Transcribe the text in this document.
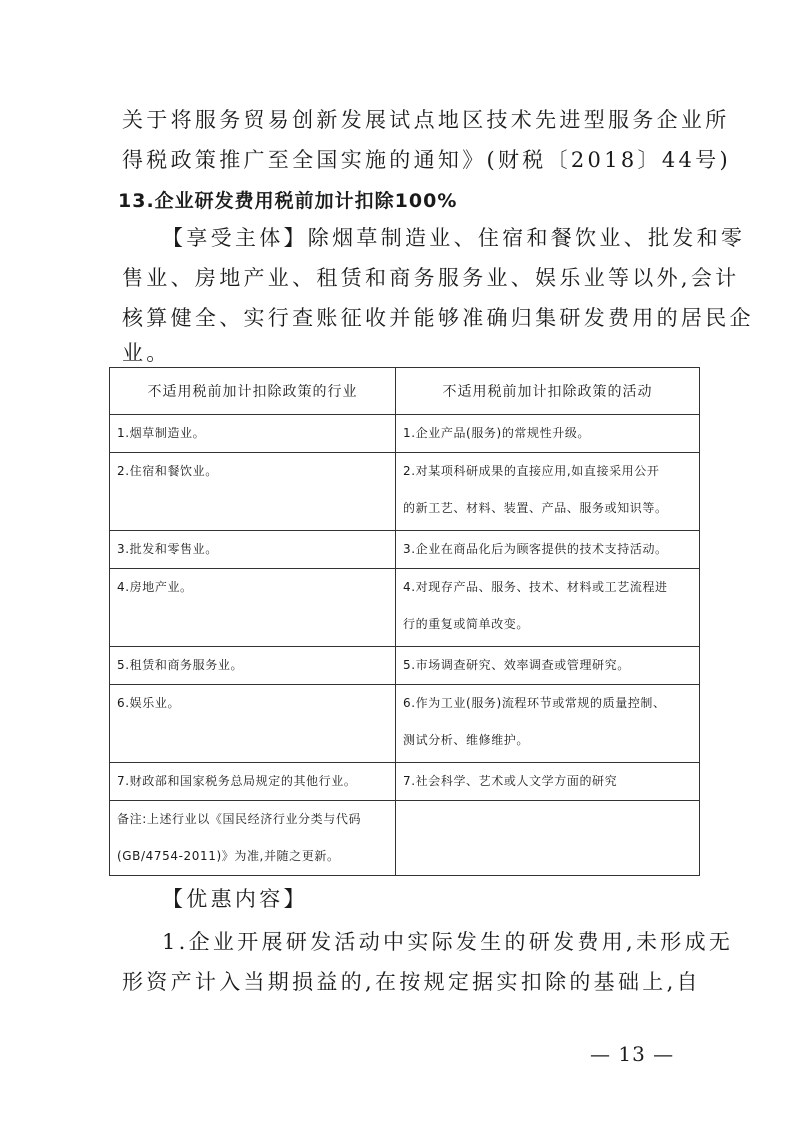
关于将服务贸易创新发展试点地区技术先进型服务企业所
得税政策推广至全国实施的通知》(财税〔2018〕44号)
13.企业研发费用税前加计扣除100%
【享受主体】除烟草制造业、住宿和餐饮业、批发和零
售业、房地产业、租赁和商务服务业、娱乐业等以外,会计
核算健全、实行查账征收并能够准确归集研发费用的居民企
业。
不适用税前加计扣除政策的行业	不适用税前加计扣除政策的活动

1.烟草制造业。	1.企业产品(服务)的常规性升级。

2.住宿和餐饮业。	2.对某项科研成果的直接应用,如直接采用公开
的新工艺、材料、装置、产品、服务或知识等。

3.批发和零售业。	3.企业在商品化后为顾客提供的技术支持活动。

4.房地产业。	4.对现存产品、服务、技术、材料或工艺流程进
行的重复或简单改变。

5.租赁和商务服务业。	5.市场调查研究、效率调查或管理研究。

6.娱乐业。	6.作为工业(服务)流程环节或常规的质量控制、
测试分析、维修维护。

7.财政部和国家税务总局规定的其他行业。	7.社会科学、艺术或人文学方面的研究

备注:上述行业以《国民经济行业分类与代码
(GB/4754-2011)》为准,并随之更新。	

【优惠内容】
1.企业开展研发活动中实际发生的研发费用,未形成无
形资产计入当期损益的,在按规定据实扣除的基础上,自
— 13 —
